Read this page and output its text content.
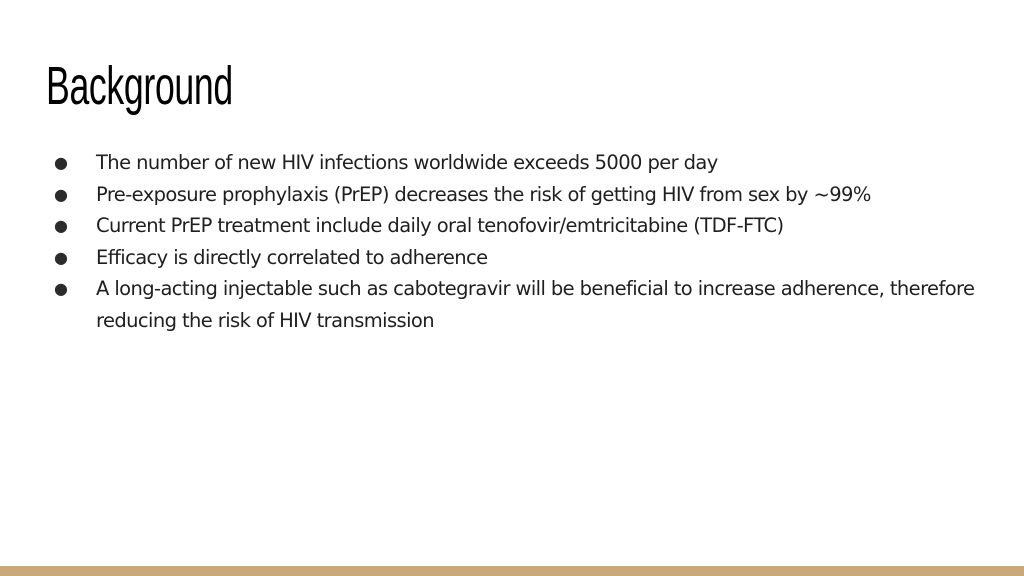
Background
●	The number of new HIV infections worldwide exceeds 5000 per day
●	Pre-exposure prophylaxis (PrEP) decreases the risk of getting HIV from sex by ~99%
●	Current PrEP treatment include daily oral tenofovir/emtricitabine (TDF-FTC)
●	Efficacy is directly correlated to adherence
●	A long-acting injectable such as cabotegravir will be beneficial to increase adherence, therefore reducing the risk of HIV transmission
